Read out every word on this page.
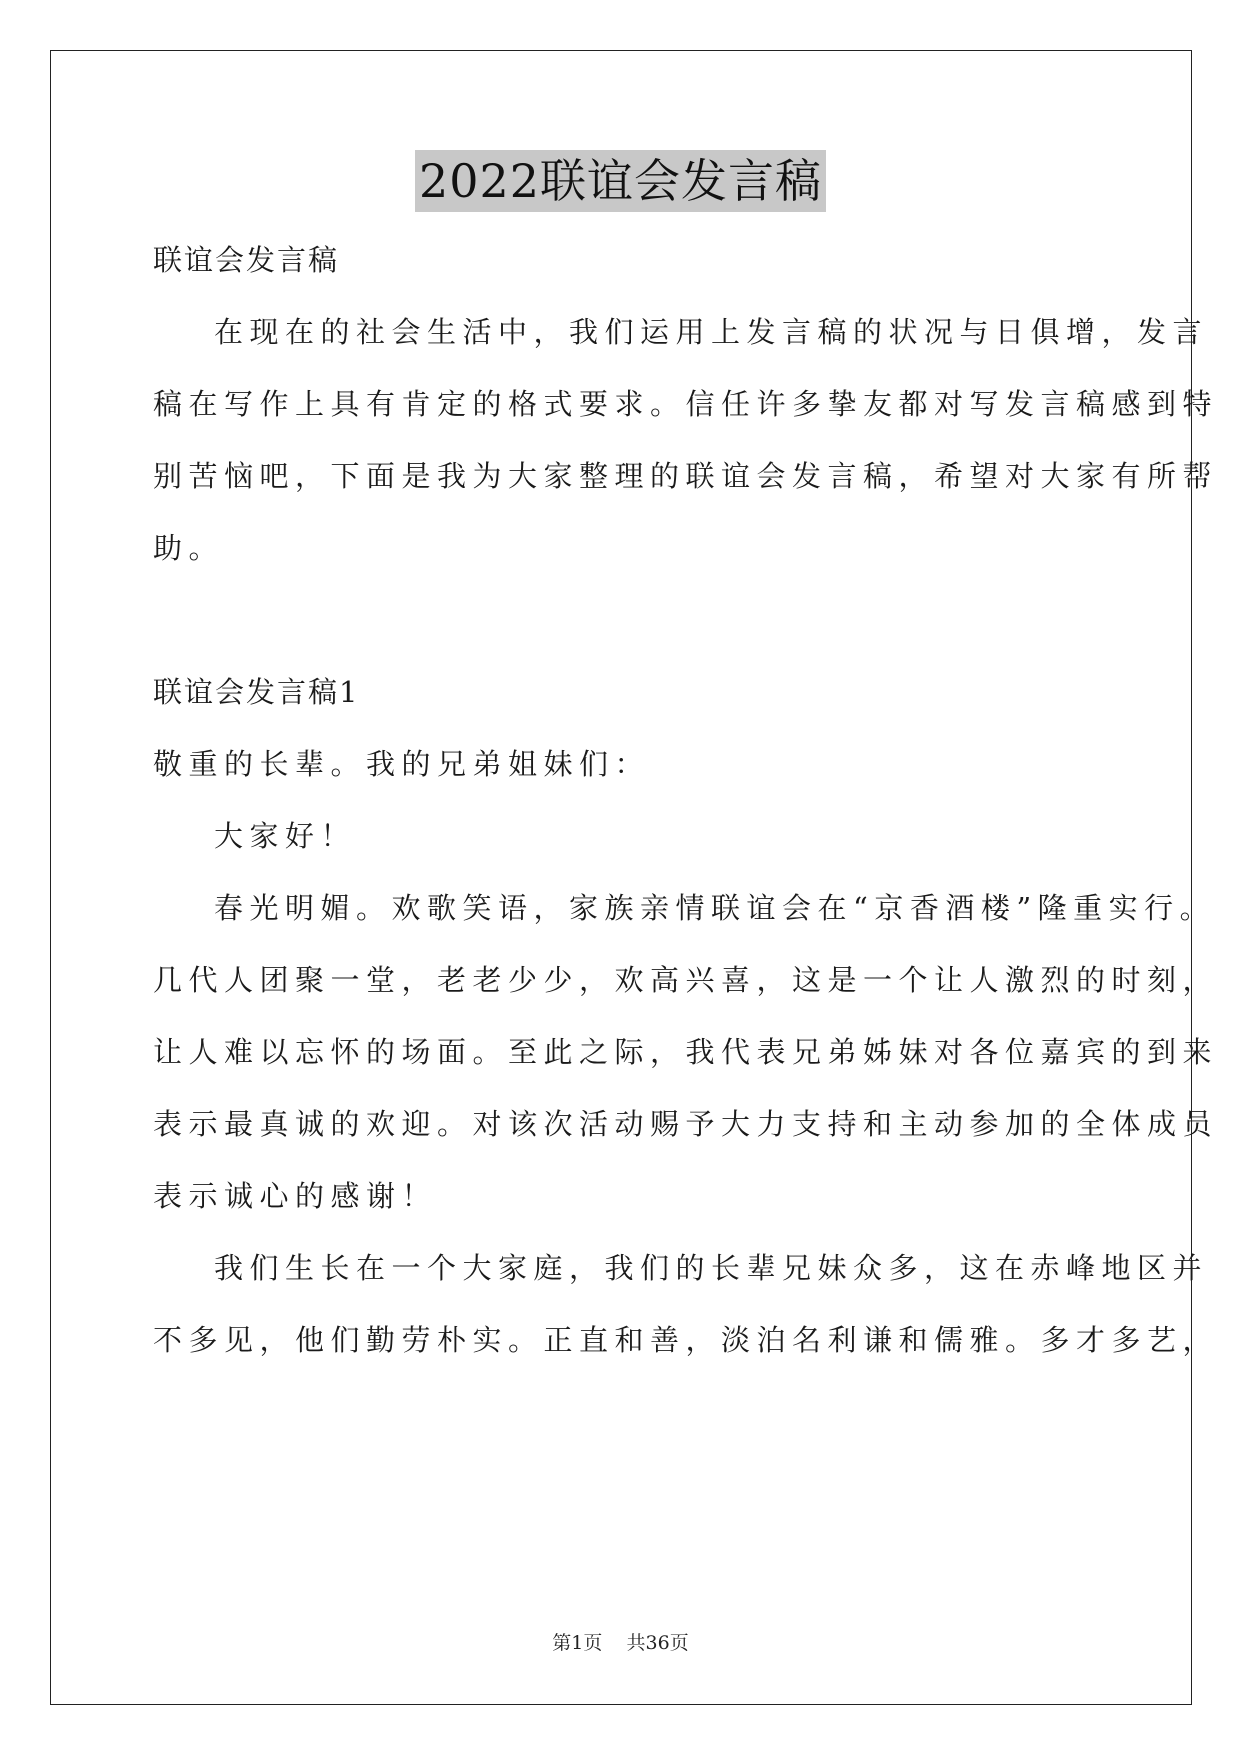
2022联谊会发言稿
联谊会发言稿
在现在的社会生活中，我们运用上发言稿的状况与日俱增，发言
稿在写作上具有肯定的格式要求。信任许多挚友都对写发言稿感到特
别苦恼吧，下面是我为大家整理的联谊会发言稿，希望对大家有所帮
助。
联谊会发言稿1
敬重的长辈。我的兄弟姐妹们：
大家好！
春光明媚。欢歌笑语，家族亲情联谊会在“京香酒楼”隆重实行。
几代人团聚一堂，老老少少，欢高兴喜，这是一个让人激烈的时刻，
让人难以忘怀的场面。至此之际，我代表兄弟姊妹对各位嘉宾的到来
表示最真诚的欢迎。对该次活动赐予大力支持和主动参加的全体成员
表示诚心的感谢！
我们生长在一个大家庭，我们的长辈兄妹众多，这在赤峰地区并
不多见，他们勤劳朴实。正直和善，淡泊名利谦和儒雅。多才多艺，
第1页 共36页
